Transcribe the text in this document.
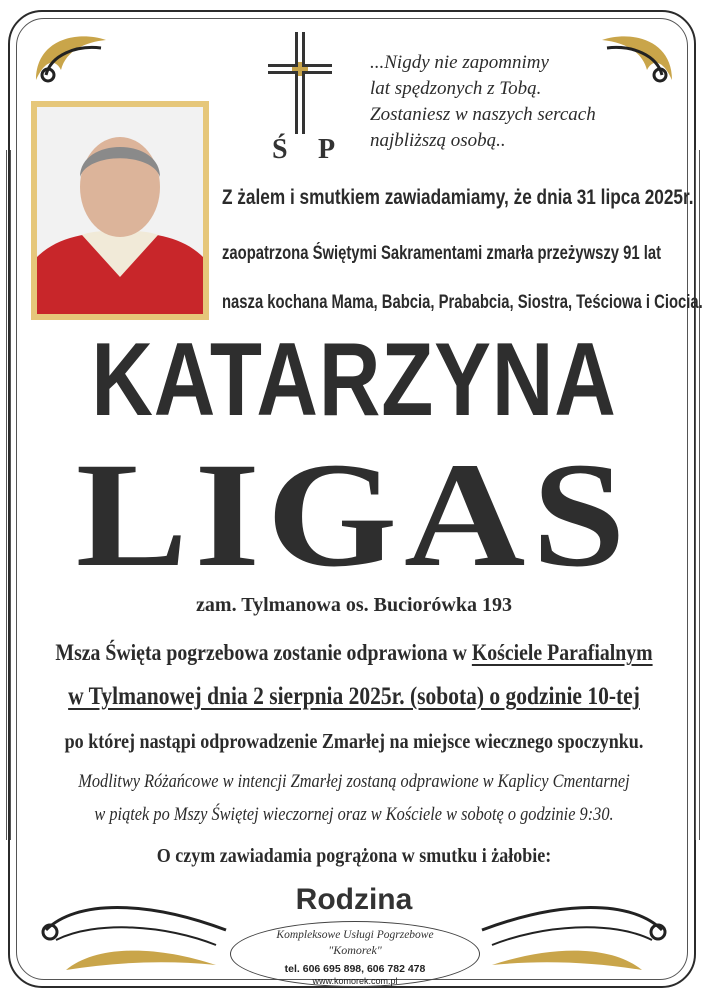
Ś P
...Nigdy nie zapomnimy
lat spędzonych z Tobą.
Zostaniesz w naszych sercach
najbliższą osobą..
Z żalem i smutkiem zawiadamiamy, że dnia 31 lipca 2025r.
zaopatrzona Świętymi Sakramentami zmarła przeżywszy 91 lat
nasza kochana Mama, Babcia, Prababcia, Siostra, Teściowa i Ciocia.
KATARZYNA
LIGAS
zam. Tylmanowa os. Buciorówka 193
Msza Święta pogrzebowa zostanie odprawiona w Kościele Parafialnym
w Tylmanowej dnia 2 sierpnia 2025r. (sobota) o godzinie 10-tej
po której nastąpi odprowadzenie Zmarłej na miejsce wiecznego spoczynku.
Modlitwy Różańcowe w intencji Zmarłej zostaną odprawione w Kaplicy Cmentarnej
w piątek po Mszy Świętej wieczornej oraz w Kościele w sobotę o godzinie 9:30.
O czym zawiadamia pogrążona w smutku i żałobie:
Rodzina
Kompleksowe Usługi Pogrzebowe
"Komorek"
tel. 606 695 898, 606 782 478
www.komorek.com.pl
